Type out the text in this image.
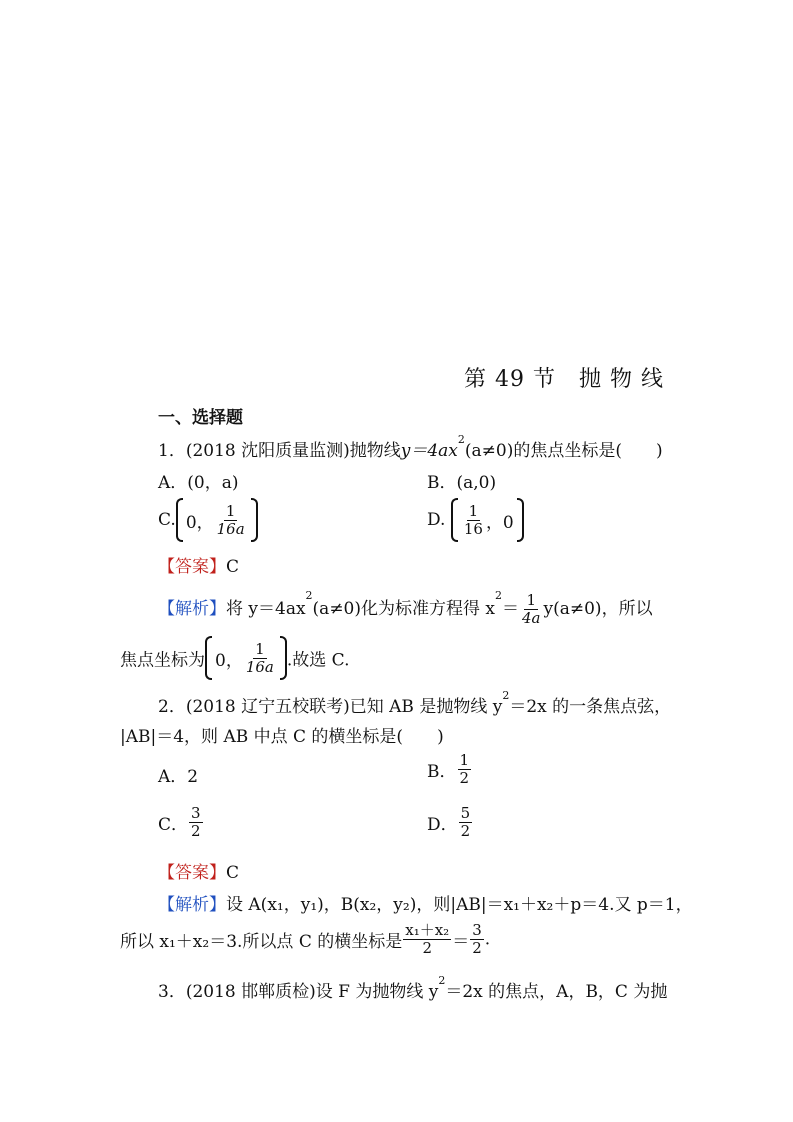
第 49 节　抛 物 线
一、选择题
1．(2018 沈阳质量监测)抛物线$y=4ax^2(a\ne 0)$的焦点坐标是(　　)
A．(0，a)	B．(a,0)
C. 0， $\frac{1}{16a}$	D. $\frac{1}{16}$ ，0
【答案】C
【解析】将 $y=4ax^2(a\ne 0)$化为标准方程得 $x^2= \frac{1}{4a} y(a\ne 0)$，所以
焦点坐标为 0， $\frac{1}{16a}$ .故选 C.
2．(2018 辽宁五校联考)已知 AB 是抛物线 $y^2=2x$ 的一条焦点弦，
|AB|＝4，则 AB 中点 C 的横坐标是(　　)
A．2	B． $\frac{1}{2}$
C． $\frac{3}{2}$	D． $\frac{5}{2}$
【答案】C
【解析】设 A(x₁，y₁)，B(x₂，y₂)，则|AB|＝x₁＋x₂＋p＝4.又 p＝1，
所以 x₁＋x₂＝3.所以点 C 的横坐标是 $\frac{\text{x₁＋x₂}}{2} = \frac{3}{2}$ .
3．(2018 邯郸质检)设 F 为抛物线 $y^2=2x$ 的焦点，A，B，C 为抛
